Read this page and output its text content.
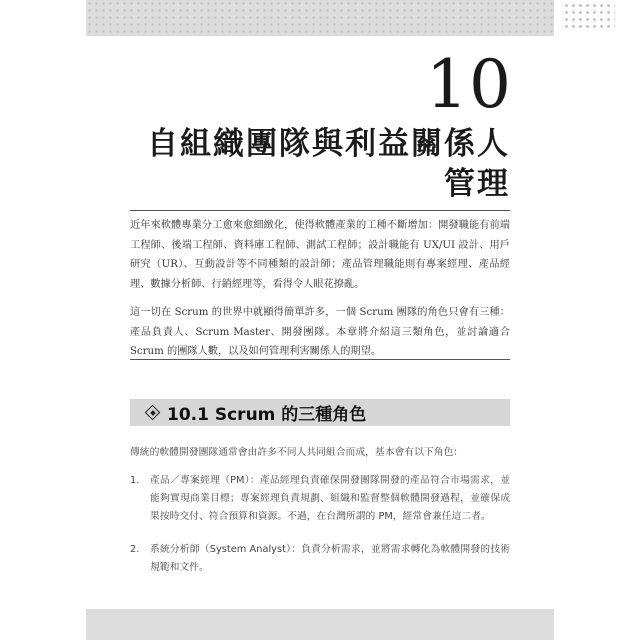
10
自組織團隊與利益關係人
管理

近年來軟體專業分工愈來愈細緻化，使得軟體產業的工種不斷增加：開發職能有前端工程師、後端工程師、資料庫工程師、測試工程師；設計職能有 UX/UI 設計、用戶研究（UR）、互動設計等不同種類的設計師；產品管理職能則有專案經理、產品經理、數據分析師、行銷經理等，看得令人眼花撩亂。

這一切在 Scrum 的世界中就顯得簡單許多，一個 Scrum 團隊的角色只會有三種：產品負責人、Scrum Master、開發團隊。本章將介紹這三類角色，並討論適合 Scrum 的團隊人數，以及如何管理利害關係人的期望。

10.1 Scrum 的三種角色
傳統的軟體開發團隊通常會由許多不同人共同組合而成，基本會有以下角色：
1.	產品／專案經理（PM）：產品經理負責確保開發團隊開發的產品符合市場需求，並能夠實現商業目標；專案經理負責規劃、組織和監督整個軟體開發過程，並確保成果按時交付、符合預算和資源。不過，在台灣所謂的 PM，經常會兼任這二者。
2.	系統分析師（System Analyst）：負責分析需求，並將需求轉化為軟體開發的技術規範和文件。
